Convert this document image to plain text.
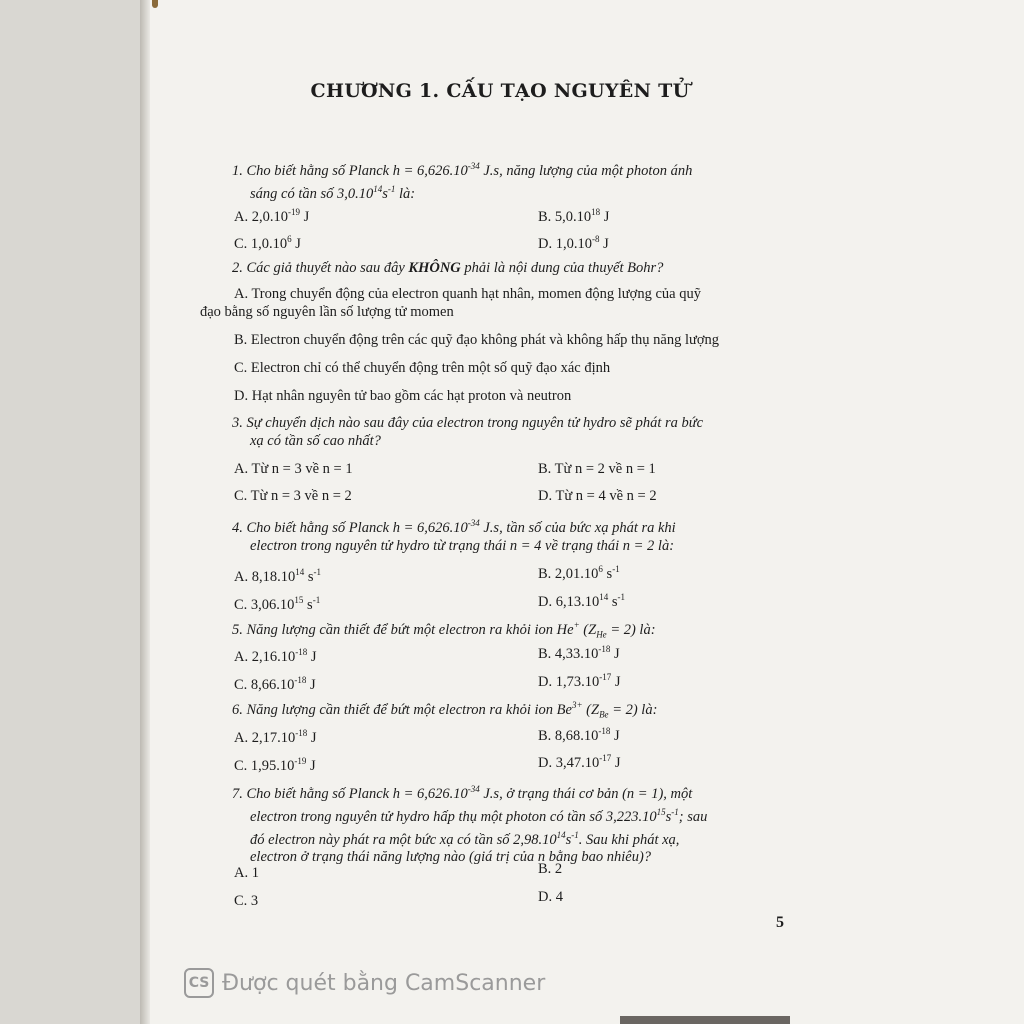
CHƯƠNG 1. CẤU TẠO NGUYÊN TỬ
1. Cho biết hằng số Planck $h = 6,626.10^{-34}$ J.s, năng lượng của một photon ánh
sáng có tần số $3,0.10^{14}s^{-1}$ là:
A. $2,0.10^{-19}$ J	B. 5,0.10$^{18}$ J
C. 1,0.10$^6$ J	D. $1,0.10^{-8}$ J
2. Các giả thuyết nào sau đây KHÔNG phải là nội dung của thuyết Bohr?
A. Trong chuyển động của electron quanh hạt nhân, momen động lượng của quỹ
đạo bằng số nguyên lần số lượng tử momen
B. Electron chuyển động trên các quỹ đạo không phát và không hấp thụ năng lượng
C. Electron chỉ có thể chuyển động trên một số quỹ đạo xác định
D. Hạt nhân nguyên tử bao gồm các hạt proton và neutron
3. Sự chuyển dịch nào sau đây của electron trong nguyên tử hydro sẽ phát ra bức
xạ có tần số cao nhất?
A. Từ n = 3 về n = 1	B. Từ n = 2 về n = 1
C. Từ n = 3 về n = 2	D. Từ n = 4 về n = 2
4. Cho biết hằng số Planck $h = 6,626.10^{-34}$ J.s, tần số của bức xạ phát ra khi
electron trong nguyên tử hydro từ trạng thái n = 4 về trạng thái n = 2 là:
A. 8,18.10$^{14}$ $s^{-1}$	B. 2,01.10$^6$ $s^{-1}$
C. 3,06.10$^{15}$ $s^{-1}$	D. 6,13.10$^{14}$ $s^{-1}$
5. Năng lượng cần thiết để bứt một electron ra khỏi ion He+ $(Z_{He} = 2)$ là:
A. $2,16.10^{-18}$ J	B. $4,33.10^{-18}$ J
C. $8,66.10^{-18}$ J	D. $1,73.10^{-17}$ J
6. Năng lượng cần thiết để bứt một electron ra khỏi ion $Be^{3+}$ $(Z_{Be} = 2)$ là:
A. $2,17.10^{-18}$ J	B. $8,68.10^{-18}$ J
C. $1,95.10^{-19}$ J	D. $3,47.10^{-17}$ J
7. Cho biết hằng số Planck $h = 6,626.10^{-34}$ J.s, ở trạng thái cơ bản (n = 1), một
electron trong nguyên tử hydro hấp thụ một photon có tần số $3,223.10^{15}s^{-1}$; sau
đó electron này phát ra một bức xạ có tần số $2,98.10^{14}s^{-1}$. Sau khi phát xạ,
electron ở trạng thái năng lượng nào (giá trị của n bằng bao nhiêu)?
A. 1	B. 2
C. 3	D. 4
5
CS Được quét bằng CamScanner
